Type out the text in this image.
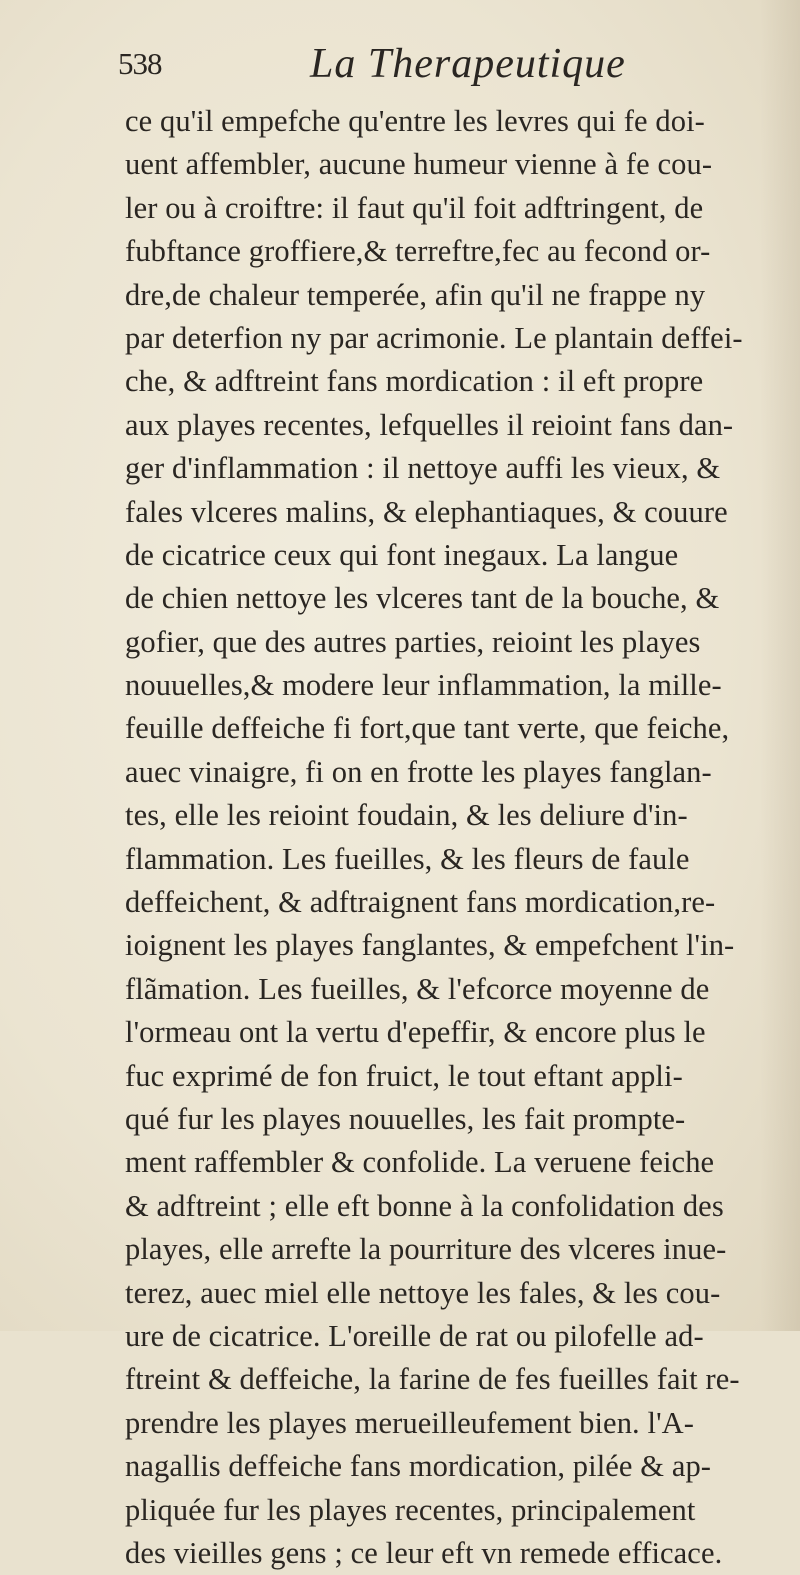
538	La Therapeutique
ce qu'il empefche qu'entre les levres qui fe doi-
uent affembler, aucune humeur vienne à fe cou-
ler ou à croiftre: il faut qu'il foit adftringent, de
fubftance groffiere,& terreftre,fec au fecond or-
dre,de chaleur temperée, afin qu'il ne frappe ny
par deterfion ny par acrimonie. Le plantain deffei-
che, & adftreint fans mordication : il eft propre
aux playes recentes, lefquelles il reioint fans dan-
ger d'inflammation : il nettoye auffi les vieux, &
fales vlceres malins, & elephantiaques, & couure
de cicatrice ceux qui font inegaux. La langue
de chien nettoye les vlceres tant de la bouche, &
gofier, que des autres parties, reioint les playes
nouuelles,& modere leur inflammation, la mille-
feuille deffeiche fi fort,que tant verte, que feiche,
auec vinaigre, fi on en frotte les playes fanglan-
tes, elle les reioint foudain, & les deliure d'in-
flammation. Les fueilles, & les fleurs de faule
deffeichent, & adftraignent fans mordication,re-
ioignent les playes fanglantes, & empefchent l'in-
flãmation. Les fueilles, & l'efcorce moyenne de
l'ormeau ont la vertu d'epeffir, & encore plus le
fuc exprimé de fon fruict, le tout eftant appli-
qué fur les playes nouuelles, les fait prompte-
ment raffembler & confolide. La veruene feiche
& adftreint ; elle eft bonne à la confolidation des
playes, elle arrefte la pourriture des vlceres inue-
terez, auec miel elle nettoye les fales, & les cou-
ure de cicatrice. L'oreille de rat ou pilofelle ad-
ftreint & deffeiche, la farine de fes fueilles fait re-
prendre les playes merueilleufement bien. l'A-
nagallis deffeiche fans mordication, pilée & ap-
pliquée fur les playes recentes, principalement
des vieilles gens ; ce leur eft vn remede efficace.
